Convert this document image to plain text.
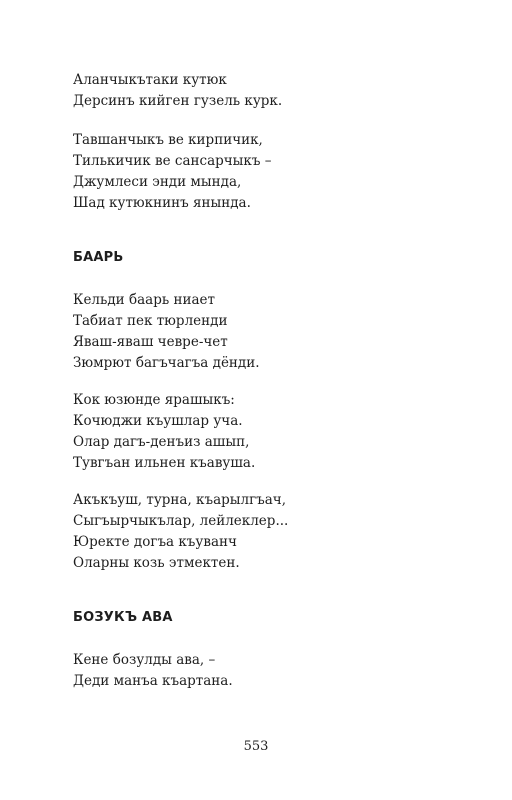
Аланчыкътаки кутюк
Дерсинъ кийген гузель курк.
Тавшанчыкъ ве кирпичик,
Тилькичик ве сансарчыкъ –
Джумлеси энди мында,
Шад кутюкнинъ янында.
БААРЬ
Кельди баарь ниает
Табиат пек тюрленди
Яваш-яваш чевре-чет
Зюмрют багъчагъа дёнди.
Кок юзюнде ярашыкъ:
Кочюджи къушлар уча.
Олар дагъ-денъиз ашып,
Тувгъан ильнен къавуша.
Акъкъуш, турна, къарылгъач,
Сыгъырчыкълар, лейлеклер...
Юректе догъа къуванч
Оларны козь этмектен.
БОЗУКЪ АВА
Кене бозулды ава, –
Деди манъа къартана.
553
